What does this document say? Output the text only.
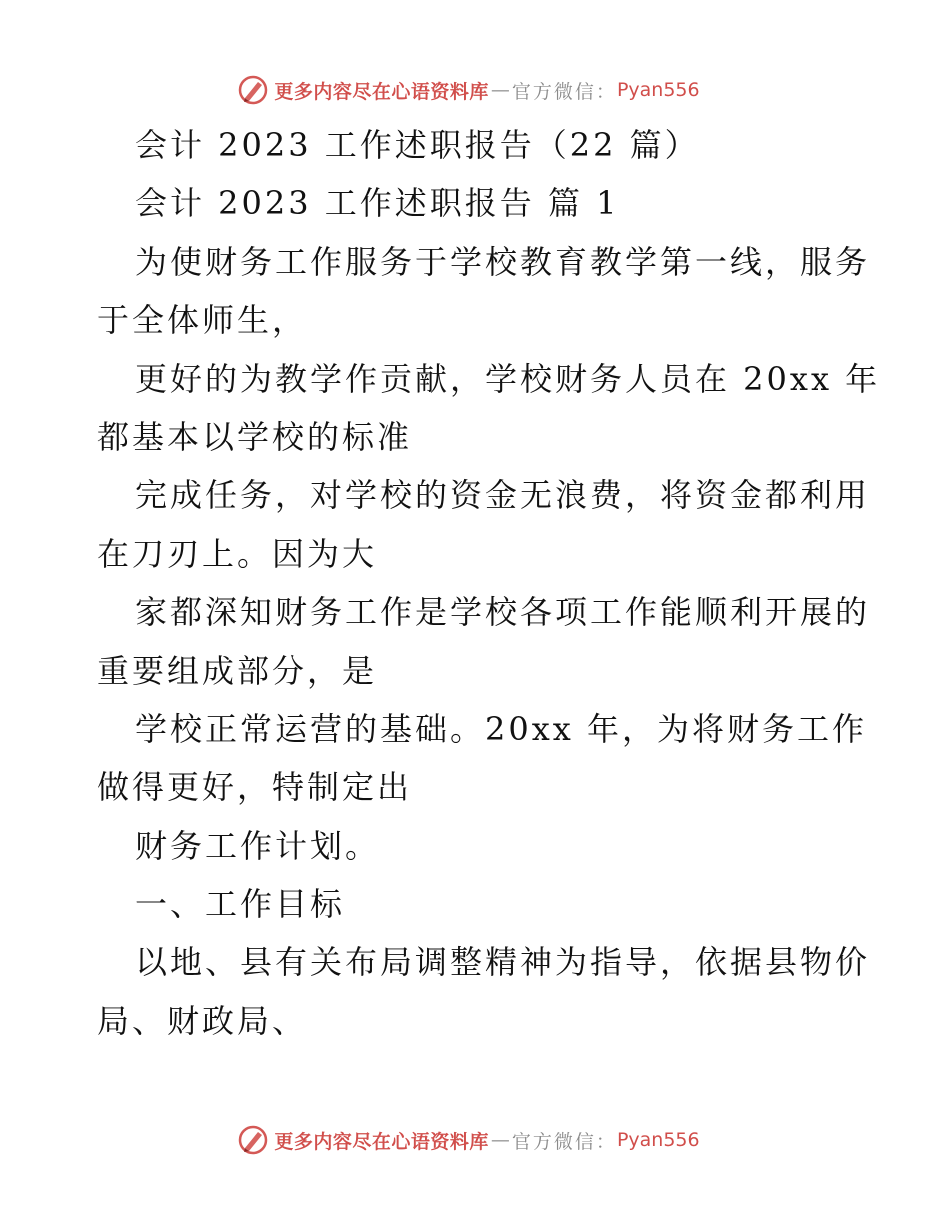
更多内容尽在心语资料库 — 官方微信： Pyan556
会计 2023 工作述职报告（22 篇）
会计 2023 工作述职报告 篇 1
为使财务工作服务于学校教育教学第一线，服务
于全体师生，
更好的为教学作贡献，学校财务人员在 20xx 年
都基本以学校的标准
完成任务，对学校的资金无浪费，将资金都利用
在刀刃上。因为大
家都深知财务工作是学校各项工作能顺利开展的
重要组成部分，是
学校正常运营的基础。20xx 年，为将财务工作
做得更好，特制定出
财务工作计划。
一、工作目标
以地、县有关布局调整精神为指导，依据县物价
局、财政局、
更多内容尽在心语资料库 — 官方微信： Pyan556
